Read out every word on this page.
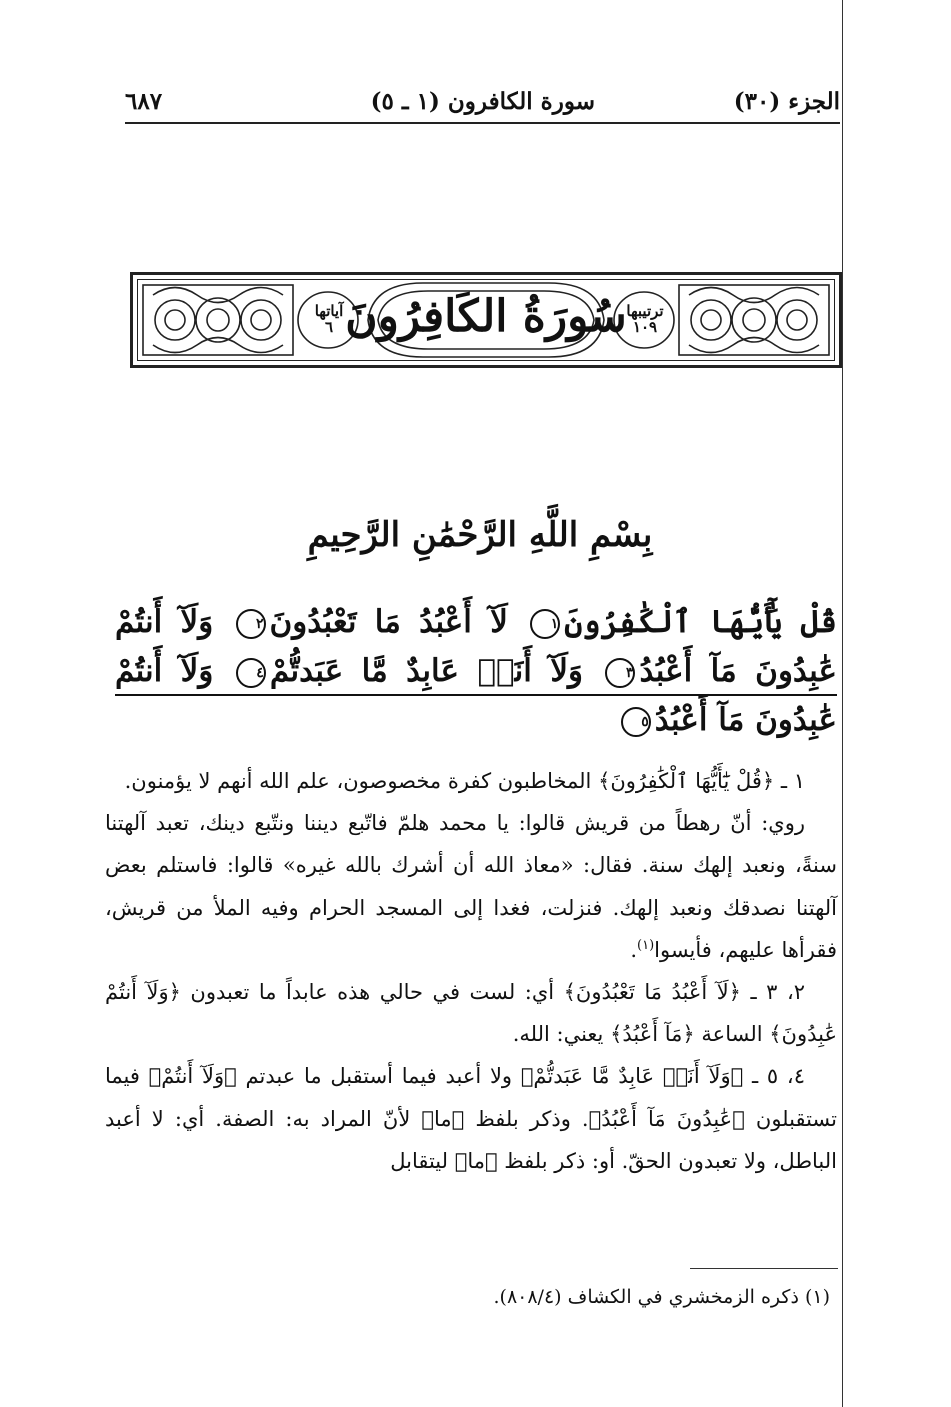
الجزء (٣٠)
سورة الكافرون (١ ـ ٥)
٦٨٧
سُورَةُ الكَافِرُونَ
آياتها
٦
ترتيبها
١٠٩
بِسْمِ اللَّهِ الرَّحْمَٰنِ الرَّحِيمِ
قُلْ يَٰٓأَيُّهَا ٱلْكَٰفِرُونَ١ لَآ أَعْبُدُ مَا تَعْبُدُونَ٢ وَلَآ أَنتُمْ عَٰبِدُونَ مَآ أَعْبُدُ٣ وَلَآ أَنَا۠ عَابِدٌ مَّا عَبَدتُّمْ٤ وَلَآ أَنتُمْ عَٰبِدُونَ مَآ أَعْبُدُ٥

١ ـ ﴿قُلْ يَٰٓأَيُّهَا ٱلْكَٰفِرُونَ﴾ المخاطبون كفرة مخصوصون، علم الله أنهم لا يؤمنون.

روي: أنّ رهطاً من قريش قالوا: يا محمد هلمّ فاتّبع ديننا ونتّبع دينك، تعبد آلهتنا سنةً، ونعبد إلهك سنة. فقال: «معاذ الله أن أشرك بالله غيره» قالوا: فاستلم بعض آلهتنا نصدقك ونعبد إلهك. فنزلت، فغدا إلى المسجد الحرام وفيه الملأ من قريش، فقرأها عليهم، فأيسوا$^{(١)}$.

٢، ٣ ـ ﴿لَآ أَعْبُدُ مَا تَعْبُدُونَ﴾ أي: لست في حالي هذه عابداً ما تعبدون ﴿وَلَآ أَنتُمْ عَٰبِدُونَ﴾ الساعة ﴿مَآ أَعْبُدُ﴾ يعني: الله.

٤، ٥ ـ ﴿وَلَآ أَنَا۠ عَابِدٌ مَّا عَبَدتُّمْ﴾ ولا أعبد فيما أستقبل ما عبدتم ﴿وَلَآ أَنتُمْ﴾ فيما تستقبلون ﴿عَٰبِدُونَ مَآ أَعْبُدُ﴾. وذكر بلفظ ﴿ما﴾ لأنّ المراد به: الصفة. أي: لا أعبد الباطل، ولا تعبدون الحقّ. أو: ذكر بلفظ ﴿ما﴾ ليتقابل

(١) ذكره الزمخشري في الكشاف (٨٠٨/٤).
